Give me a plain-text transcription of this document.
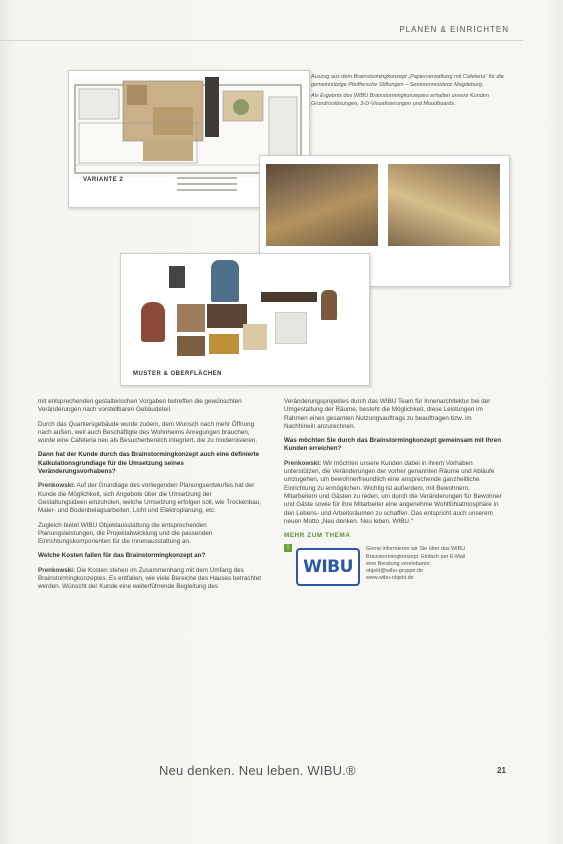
PLANEN & EINRICHTEN
VARIANTE 2

Auszug aus dem Brainstormingkonzept „Papierverwaltung mit Cafeteria“ für die gemeinnützige Pfeiffersche Stiftungen – Seniorenresidenz Magdeburg.

Als Ergebnis des WIBU Brainstormingkonzeptes erhalten unsere Kunden Grundrisslösungen, 3-D-Visualisierungen und Moodboards.

MUSTER & OBERFLÄCHEN

mit entsprechenden gestalterischen Vorgaben betreffen die gewünschten Veränderungen nach vorstellbaren Gebäudeteil.

Durch das Quartiersgebäude wurde zudem, dem Wunsch nach mehr Öffnung nach außen, weil auch Beschäftigte des Wohnheims Anregungen brauchen, wurde eine Cafeteria neu als Besucherbereich integriert, die zu modernisieren.

Dann hat der Kunde durch das Brainstormingkonzept auch eine definierte Kalkulationsgrundlage für die Umsetzung seines Veränderungsvorhabens?

Prenkowski: Auf der Grundlage des vorliegenden Planungsentwurfes hat der Kunde die Möglichkeit, sich Angebote über die Umsetzung der Gestaltungsideen einzuholen, welche Umsetzung erfolgen soll, wie Trockenbau, Maler- und Bodenbelagsarbeiten, Licht und Elektroplanung, etc.

Zugleich bietet WIBU Objektausstattung die entsprechenden Planungsleistungen, die Projektabwicklung und die passenden Einrichtungskomponenten für die Innenausstattung an.

Welche Kosten fallen für das Brainstormingkonzept an?

Prenkowski: Die Kosten stehen im Zusammenhang mit dem Umfang des Brainstormingkonzeptes. Es entfallen, wie viele Bereiche des Hauses betrachtet werden. Wünscht der Kunde eine weiterführende Begleitung des

Veränderungsprojektes durch das WIBU Team für Innenarchitektur bei der Umgestaltung der Räume, besteht die Möglichkeit, diese Leistungen im Rahmen eines gesamten Nutzungsauftrags zu beauftragen bzw. im Nachhinein anzurechnen.

Was möchten Sie durch das Brainstormingkonzept gemeinsam mit Ihren Kunden erreichen?

Prenkowski: Wir möchten unsere Kunden dabei in ihrem Vorhaben unterstützen, die Veränderungen der vorher genannten Räume und Abläufe umzugehen, um bewohnerfreundlich eine ansprechende ganzheitliche Einrichtung zu ermöglichen. Wichtig ist außerdem, mit Bewohnern, Mitarbeitern und Gästen zu reden, um durch die Veränderungen für Bewohner und Gäste sowie für ihre Mitarbeiter eine angenehme Wohlfühlatmosphäre in den Lebens- und Arbeitsräumen zu schaffen. Das entspricht auch unserem neuen Motto „Neu denken. Neu leben. WIBU.“

MEHR ZUM THEMA
i
WIBU
Gerne informieren wir Sie über das WIBU
Brainstormingkonzept. Einfach per E-Mail
eine Beratung vereinbaren:
objekt@wibu-gruppe.de
www.wibu-objekt.de
Neu denken. Neu leben. WIBU.®	21
